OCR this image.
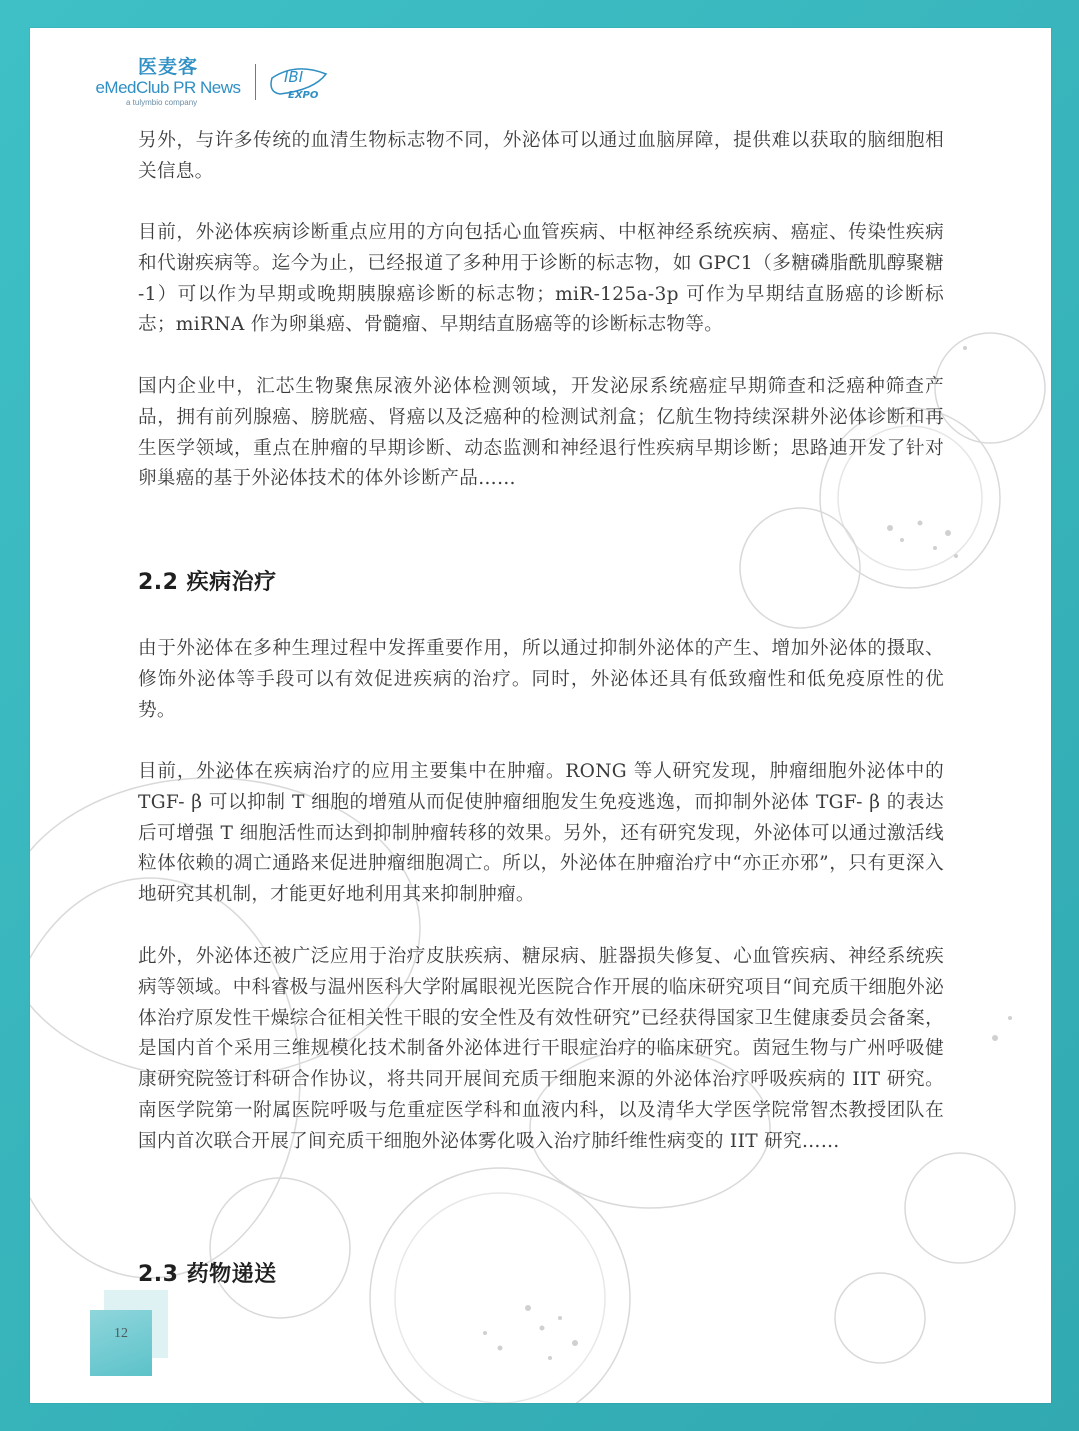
医麦客
eMedClub PR News
a tulymbio company
IBI
EXPO

另外，与许多传统的血清生物标志物不同，外泌体可以通过血脑屏障，提供难以获取的脑细胞相关信息。

目前，外泌体疾病诊断重点应用的方向包括心血管疾病、中枢神经系统疾病、癌症、传染性疾病和代谢疾病等。迄今为止，已经报道了多种用于诊断的标志物，如 GPC1（多糖磷脂酰肌醇聚糖 -1）可以作为早期或晚期胰腺癌诊断的标志物；miR-125a-3p 可作为早期结直肠癌的诊断标志；miRNA 作为卵巢癌、骨髓瘤、早期结直肠癌等的诊断标志物等。

国内企业中，汇芯生物聚焦尿液外泌体检测领域，开发泌尿系统癌症早期筛查和泛癌种筛查产品，拥有前列腺癌、膀胱癌、肾癌以及泛癌种的检测试剂盒；亿航生物持续深耕外泌体诊断和再生医学领域，重点在肿瘤的早期诊断、动态监测和神经退行性疾病早期诊断；思路迪开发了针对卵巢癌的基于外泌体技术的体外诊断产品……

2.2 疾病治疗

由于外泌体在多种生理过程中发挥重要作用，所以通过抑制外泌体的产生、增加外泌体的摄取、修饰外泌体等手段可以有效促进疾病的治疗。同时，外泌体还具有低致瘤性和低免疫原性的优势。

目前，外泌体在疾病治疗的应用主要集中在肿瘤。RONG 等人研究发现，肿瘤细胞外泌体中的 TGF- β 可以抑制 T 细胞的增殖从而促使肿瘤细胞发生免疫逃逸，而抑制外泌体 TGF- β 的表达后可增强 T 细胞活性而达到抑制肿瘤转移的效果。另外，还有研究发现，外泌体可以通过激活线粒体依赖的凋亡通路来促进肿瘤细胞凋亡。所以，外泌体在肿瘤治疗中“亦正亦邪”，只有更深入地研究其机制，才能更好地利用其来抑制肿瘤。

此外，外泌体还被广泛应用于治疗皮肤疾病、糖尿病、脏器损失修复、心血管疾病、神经系统疾病等领域。中科睿极与温州医科大学附属眼视光医院合作开展的临床研究项目“间充质干细胞外泌体治疗原发性干燥综合征相关性干眼的安全性及有效性研究”已经获得国家卫生健康委员会备案，是国内首个采用三维规模化技术制备外泌体进行干眼症治疗的临床研究。茵冠生物与广州呼吸健康研究院签订科研合作协议，将共同开展间充质干细胞来源的外泌体治疗呼吸疾病的 IIT 研究。南医学院第一附属医院呼吸与危重症医学科和血液内科，以及清华大学医学院常智杰教授团队在国内首次联合开展了间充质干细胞外泌体雾化吸入治疗肺纤维性病变的 IIT 研究……

2.3 药物递送
12
